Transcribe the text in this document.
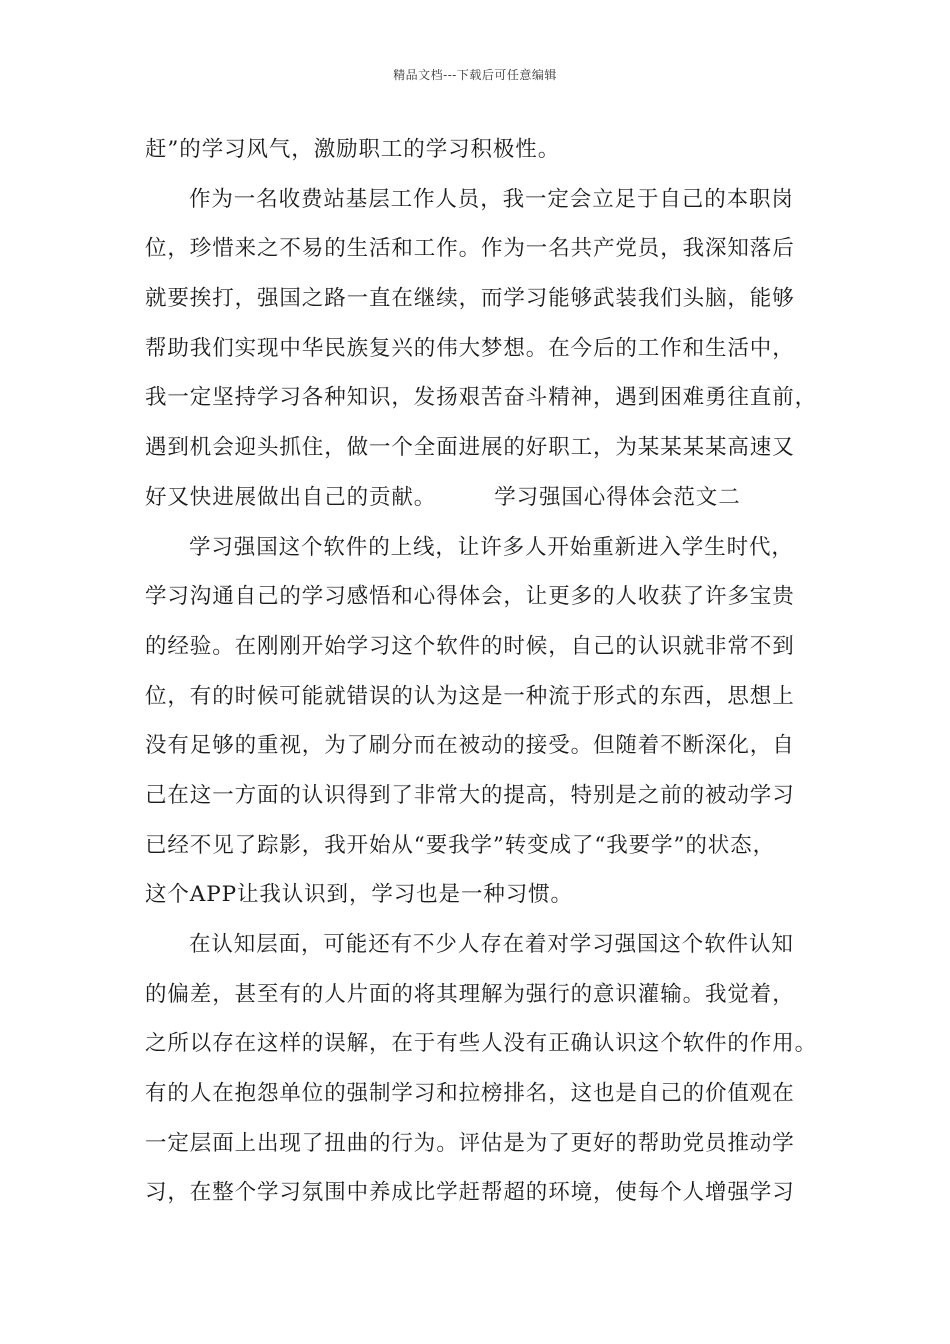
精品文档---下载后可任意编辑
赶”的学习风气，激励职工的学习积极性。
作为一名收费站基层工作人员，我一定会立足于自己的本职岗
位，珍惜来之不易的生活和工作。作为一名共产党员，我深知落后
就要挨打，强国之路一直在继续，而学习能够武装我们头脑，能够
帮助我们实现中华民族复兴的伟大梦想。在今后的工作和生活中，
我一定坚持学习各种知识，发扬艰苦奋斗精神，遇到困难勇往直前，
遇到机会迎头抓住，做一个全面进展的好职工，为某某某某高速又
好又快进展做出自己的贡献。	学习强国心得体会范文二
学习强国这个软件的上线，让许多人开始重新进入学生时代，
学习沟通自己的学习感悟和心得体会，让更多的人收获了许多宝贵
的经验。在刚刚开始学习这个软件的时候，自己的认识就非常不到
位，有的时候可能就错误的认为这是一种流于形式的东西，思想上
没有足够的重视，为了刷分而在被动的接受。但随着不断深化，自
己在这一方面的认识得到了非常大的提高，特别是之前的被动学习
已经不见了踪影，我开始从“要我学”转变成了“我要学”的状态，
这个APP让我认识到，学习也是一种习惯。
在认知层面，可能还有不少人存在着对学习强国这个软件认知
的偏差，甚至有的人片面的将其理解为强行的意识灌输。我觉着，
之所以存在这样的误解，在于有些人没有正确认识这个软件的作用。
有的人在抱怨单位的强制学习和拉榜排名，这也是自己的价值观在
一定层面上出现了扭曲的行为。评估是为了更好的帮助党员推动学
习，在整个学习氛围中养成比学赶帮超的环境，使每个人增强学习
